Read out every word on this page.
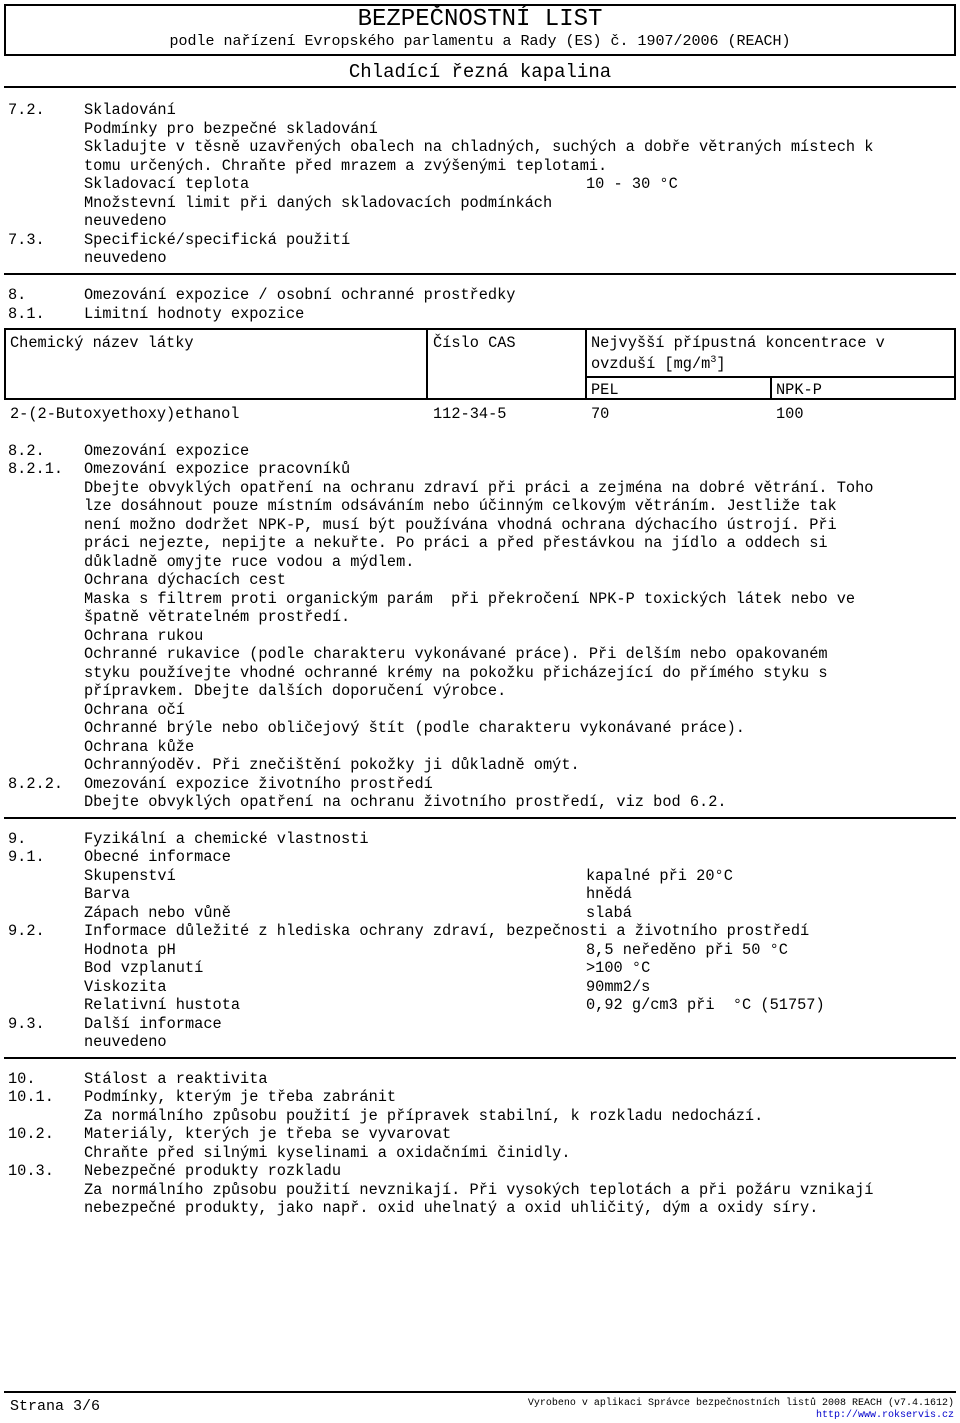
BEZPEČNOSTNÍ LIST
podle nařízení Evropského parlamentu a Rady (ES) č. 1907/2006 (REACH)
Chladící řezná kapalina
7.2.	Skladování
Podmínky pro bezpečné skladování
Skladujte v těsně uzavřených obalech na chladných, suchých a dobře větraných místech k
tomu určených. Chraňte před mrazem a zvýšenými teplotami.
Skladovací teplota	10 - 30 °C
Množstevní limit při daných skladovacích podmínkách
neuvedeno
7.3.	Specifické/specifická použití
neuvedeno
8.	Omezování expozice / osobní ochranné prostředky
8.1.	Limitní hodnoty expozice
Chemický název látky	Číslo CAS	Nejvyšší přípustná koncentrace v
ovzduší $[mg/m^3]$
PEL	NPK-P
2-(2-Butoxyethoxy)ethanol	112-34-5	70	100
8.2.	Omezování expozice
8.2.1. Omezování expozice pracovníků
Dbejte obvyklých opatření na ochranu zdraví při práci a zejména na dobré větrání. Toho
lze dosáhnout pouze místním odsáváním nebo účinným celkovým větráním. Jestliže tak
není možno dodržet NPK-P, musí být používána vhodná ochrana dýchacího ústrojí. Při
práci nejezte, nepijte a nekuřte. Po práci a před přestávkou na jídlo a oddech si
důkladně omyjte ruce vodou a mýdlem.
Ochrana dýchacích cest
Maska s filtrem proti organickým parám  při překročení NPK-P toxických látek nebo ve
špatně větratelném prostředí.
Ochrana rukou
Ochranné rukavice (podle charakteru vykonávané práce). Při delším nebo opakovaném
styku používejte vhodné ochranné krémy na pokožku přicházející do přímého styku s
přípravkem. Dbejte dalších doporučení výrobce.
Ochrana očí
Ochranné brýle nebo obličejový štít (podle charakteru vykonávané práce).
Ochrana kůže
Ochrannýoděv. Při znečištění pokožky ji důkladně omýt.
8.2.2. Omezování expozice životního prostředí
Dbejte obvyklých opatření na ochranu životního prostředí, viz bod 6.2.
9.	Fyzikální a chemické vlastnosti
9.1.	Obecné informace
Skupenství	kapalné při 20°C
Barva	hnědá
Zápach nebo vůně	slabá
9.2.	Informace důležité z hlediska ochrany zdraví, bezpečnosti a životního prostředí
Hodnota pH	8,5 neředěno při 50 °C
Bod vzplanutí	>100 °C
Viskozita	90mm2/s
Relativní hustota	0,92 g/cm3 při  °C (51757)
9.3.	Další informace
neuvedeno
10.	Stálost a reaktivita
10.1. Podmínky, kterým je třeba zabránit
Za normálního způsobu použití je přípravek stabilní, k rozkladu nedochází.
10.2. Materiály, kterých je třeba se vyvarovat
Chraňte před silnými kyselinami a oxidačními činidly.
10.3. Nebezpečné produkty rozkladu
Za normálního způsobu použití nevznikají. Při vysokých teplotách a při požáru vznikají
nebezpečné produkty, jako např. oxid uhelnatý a oxid uhličitý, dým a oxidy síry.
Strana 3/6	Vyrobeno v aplikaci Správce bezpečnostních listů 2008 REACH (v7.4.1612)
http://www.rokservis.cz
